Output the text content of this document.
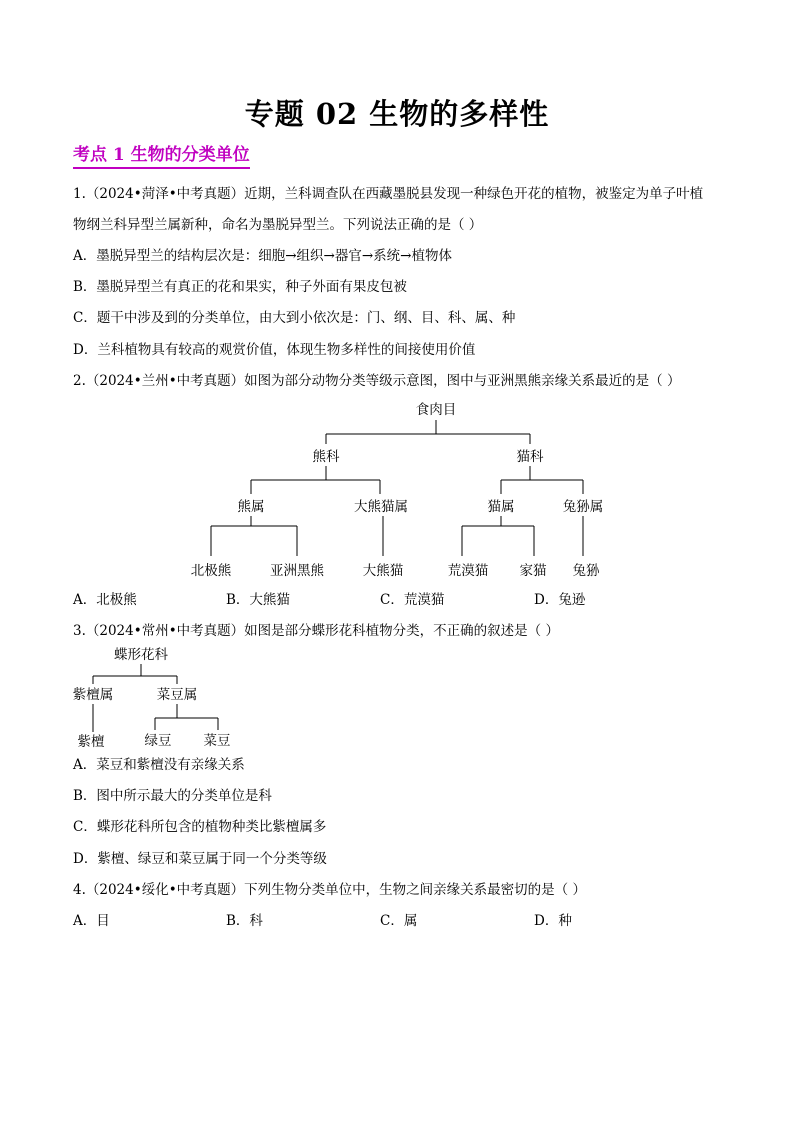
专题 02 生物的多样性
考点 1 生物的分类单位
1.（2024•菏泽•中考真题）近期，兰科调查队在西藏墨脱县发现一种绿色开花的植物，被鉴定为单子叶植
物纲兰科异型兰属新种，命名为墨脱异型兰。下列说法正确的是（ ）
A．墨脱异型兰的结构层次是：细胞→组织→器官→系统→植物体
B．墨脱异型兰有真正的花和果实，种子外面有果皮包被
C．题干中涉及到的分类单位，由大到小依次是：门、纲、目、科、属、种
D．兰科植物具有较高的观赏价值，体现生物多样性的间接使用价值
2.（2024•兰州•中考真题）如图为部分动物分类等级示意图，图中与亚洲黑熊亲缘关系最近的是（ ）
食肉目
熊科	猫科
熊属	大熊猫属	猫属	兔狲属
北极熊	亚洲黑熊	大熊猫	荒漠猫 家猫 兔狲
A．北极熊	B．大熊猫	C．荒漠猫	D．兔逊
3.（2024•常州•中考真题）如图是部分蝶形花科植物分类，不正确的叙述是（ ）
蝶形花科
紫檀属	菜豆属
紫檀	绿豆 菜豆
A．菜豆和紫檀没有亲缘关系
B．图中所示最大的分类单位是科
C．蝶形花科所包含的植物种类比紫檀属多
D．紫檀、绿豆和菜豆属于同一个分类等级
4.（2024•绥化•中考真题）下列生物分类单位中，生物之间亲缘关系最密切的是（ ）
A．目	B．科	C．属	D．种
